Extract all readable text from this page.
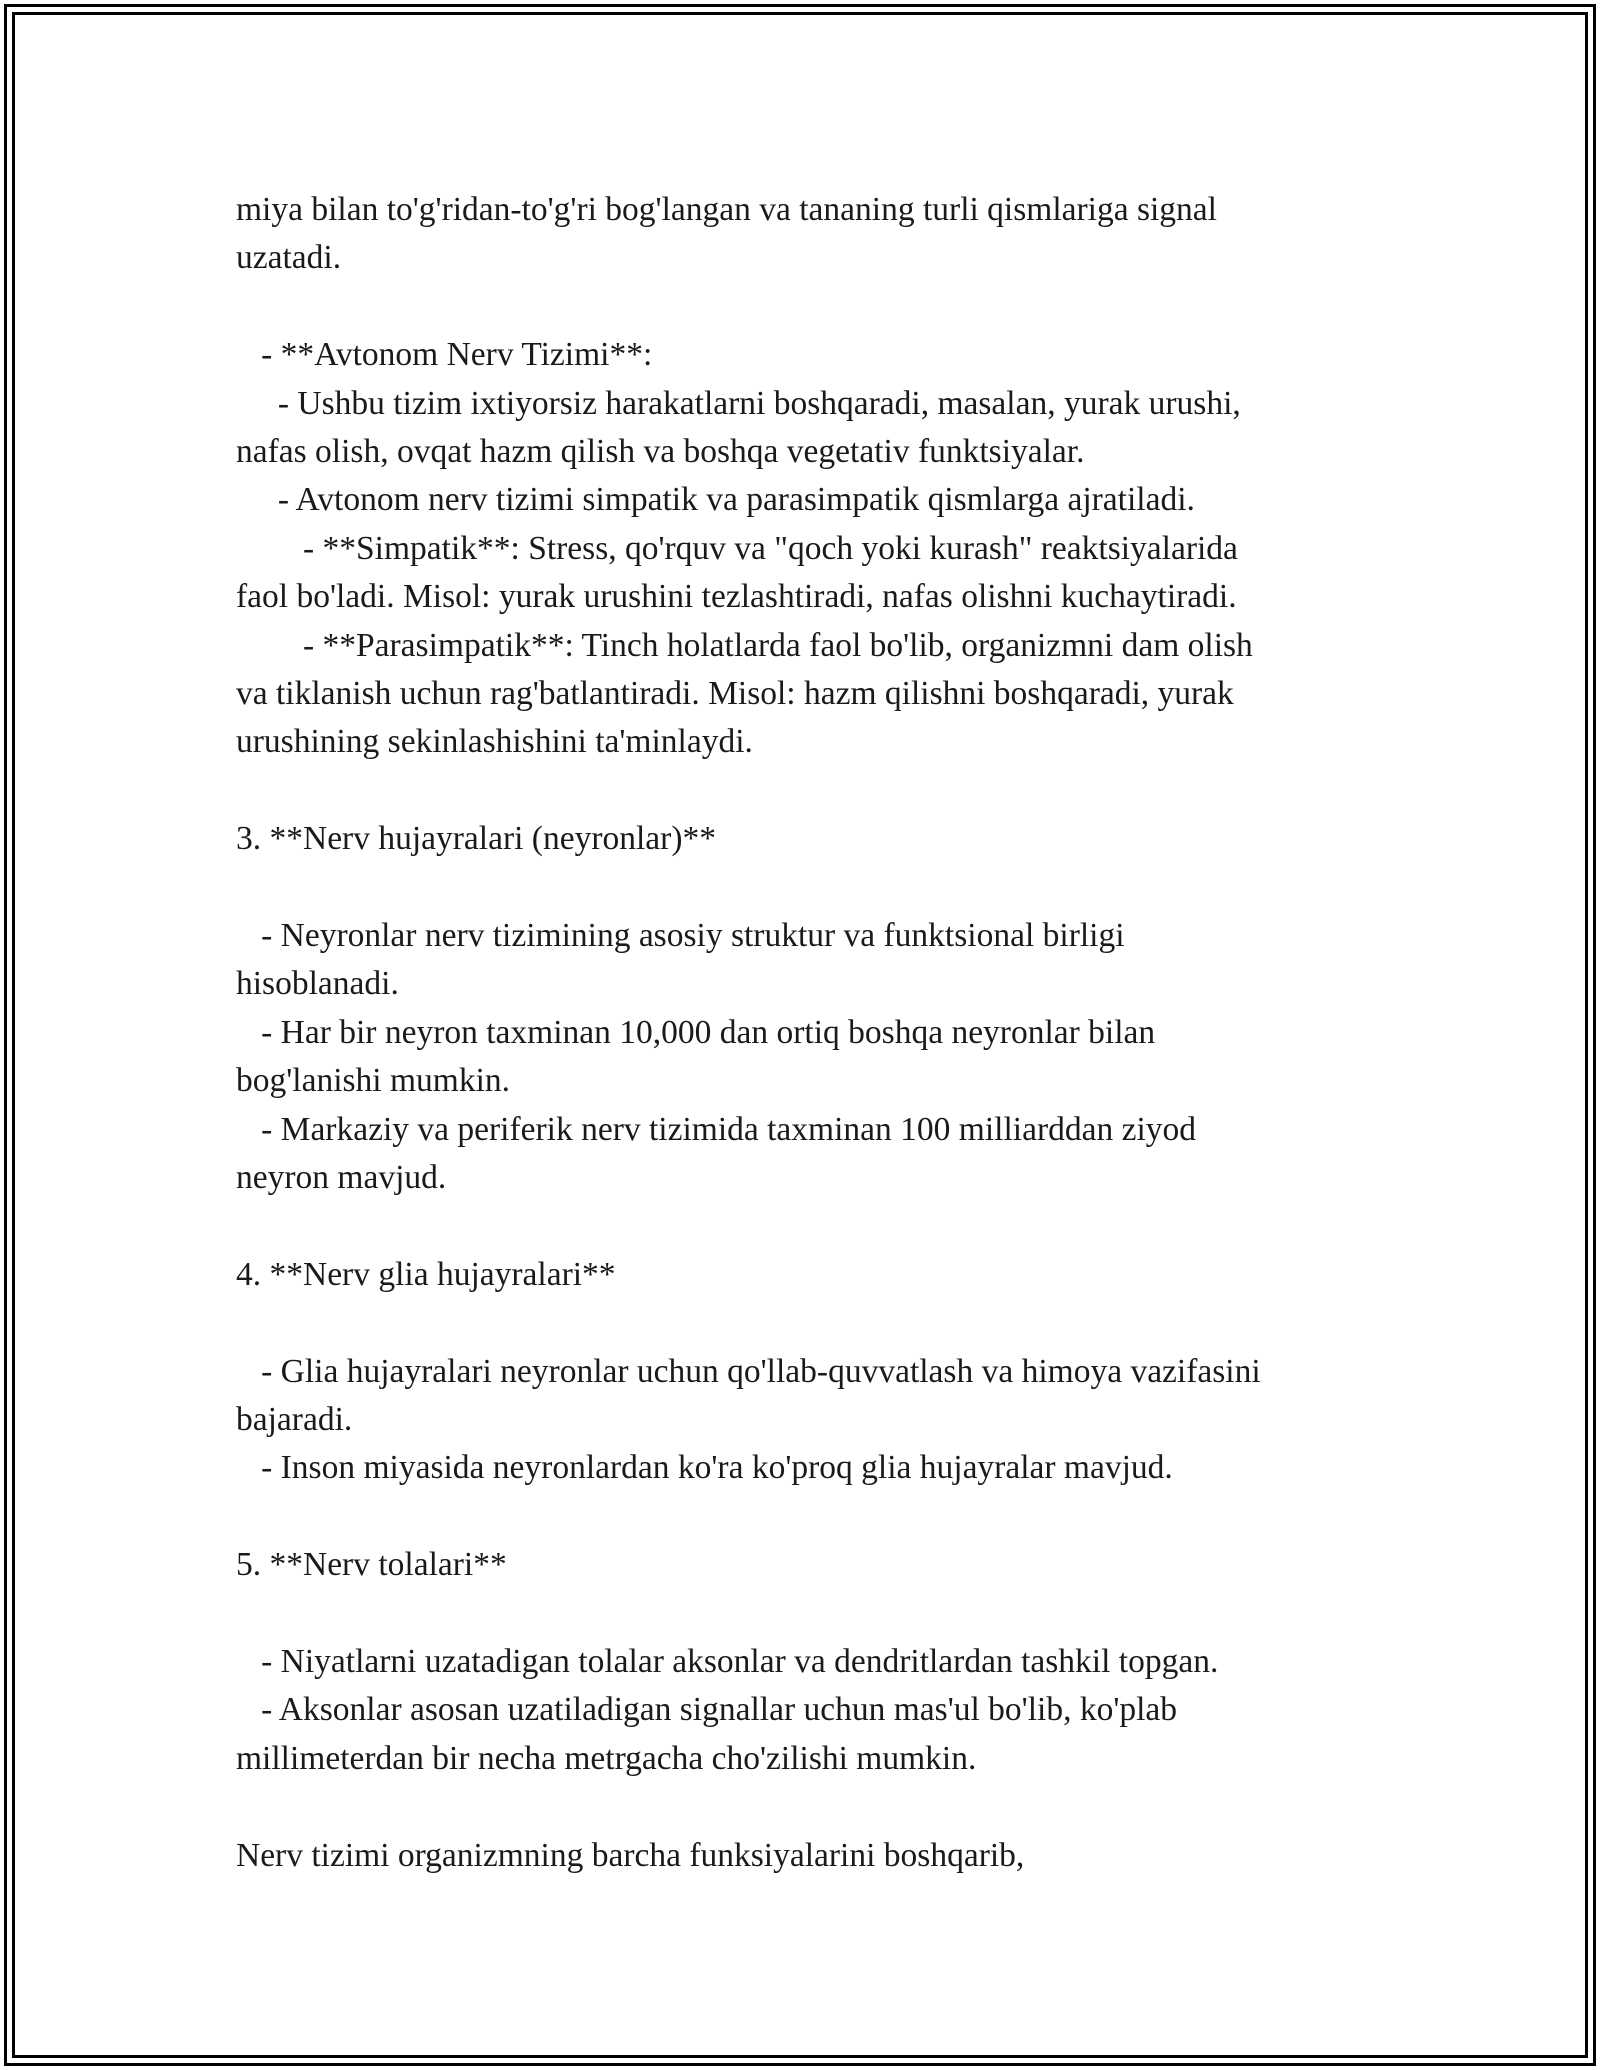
miya bilan to'g'ridan-to'g'ri bog'langan va tananing turli qismlariga signal

uzatadi.

- **Avtonom Nerv Tizimi**:

- Ushbu tizim ixtiyorsiz harakatlarni boshqaradi, masalan, yurak urushi,

nafas olish, ovqat hazm qilish va boshqa vegetativ funktsiyalar.

- Avtonom nerv tizimi simpatik va parasimpatik qismlarga ajratiladi.

- **Simpatik**: Stress, qo'rquv va "qoch yoki kurash" reaktsiyalarida

faol bo'ladi. Misol: yurak urushini tezlashtiradi, nafas olishni kuchaytiradi.

- **Parasimpatik**: Tinch holatlarda faol bo'lib, organizmni dam olish

va tiklanish uchun rag'batlantiradi. Misol: hazm qilishni boshqaradi, yurak

urushining sekinlashishini ta'minlaydi.

3. **Nerv hujayralari (neyronlar)**

- Neyronlar nerv tizimining asosiy struktur va funktsional birligi

hisoblanadi.

- Har bir neyron taxminan 10,000 dan ortiq boshqa neyronlar bilan

bog'lanishi mumkin.

- Markaziy va periferik nerv tizimida taxminan 100 milliarddan ziyod

neyron mavjud.

4. **Nerv glia hujayralari**

- Glia hujayralari neyronlar uchun qo'llab-quvvatlash va himoya vazifasini

bajaradi.

- Inson miyasida neyronlardan ko'ra ko'proq glia hujayralar mavjud.

5. **Nerv tolalari**

- Niyatlarni uzatadigan tolalar aksonlar va dendritlardan tashkil topgan.

- Aksonlar asosan uzatiladigan signallar uchun mas'ul bo'lib, ko'plab

millimeterdan bir necha metrgacha cho'zilishi mumkin.

Nerv tizimi organizmning barcha funksiyalarini boshqarib,
